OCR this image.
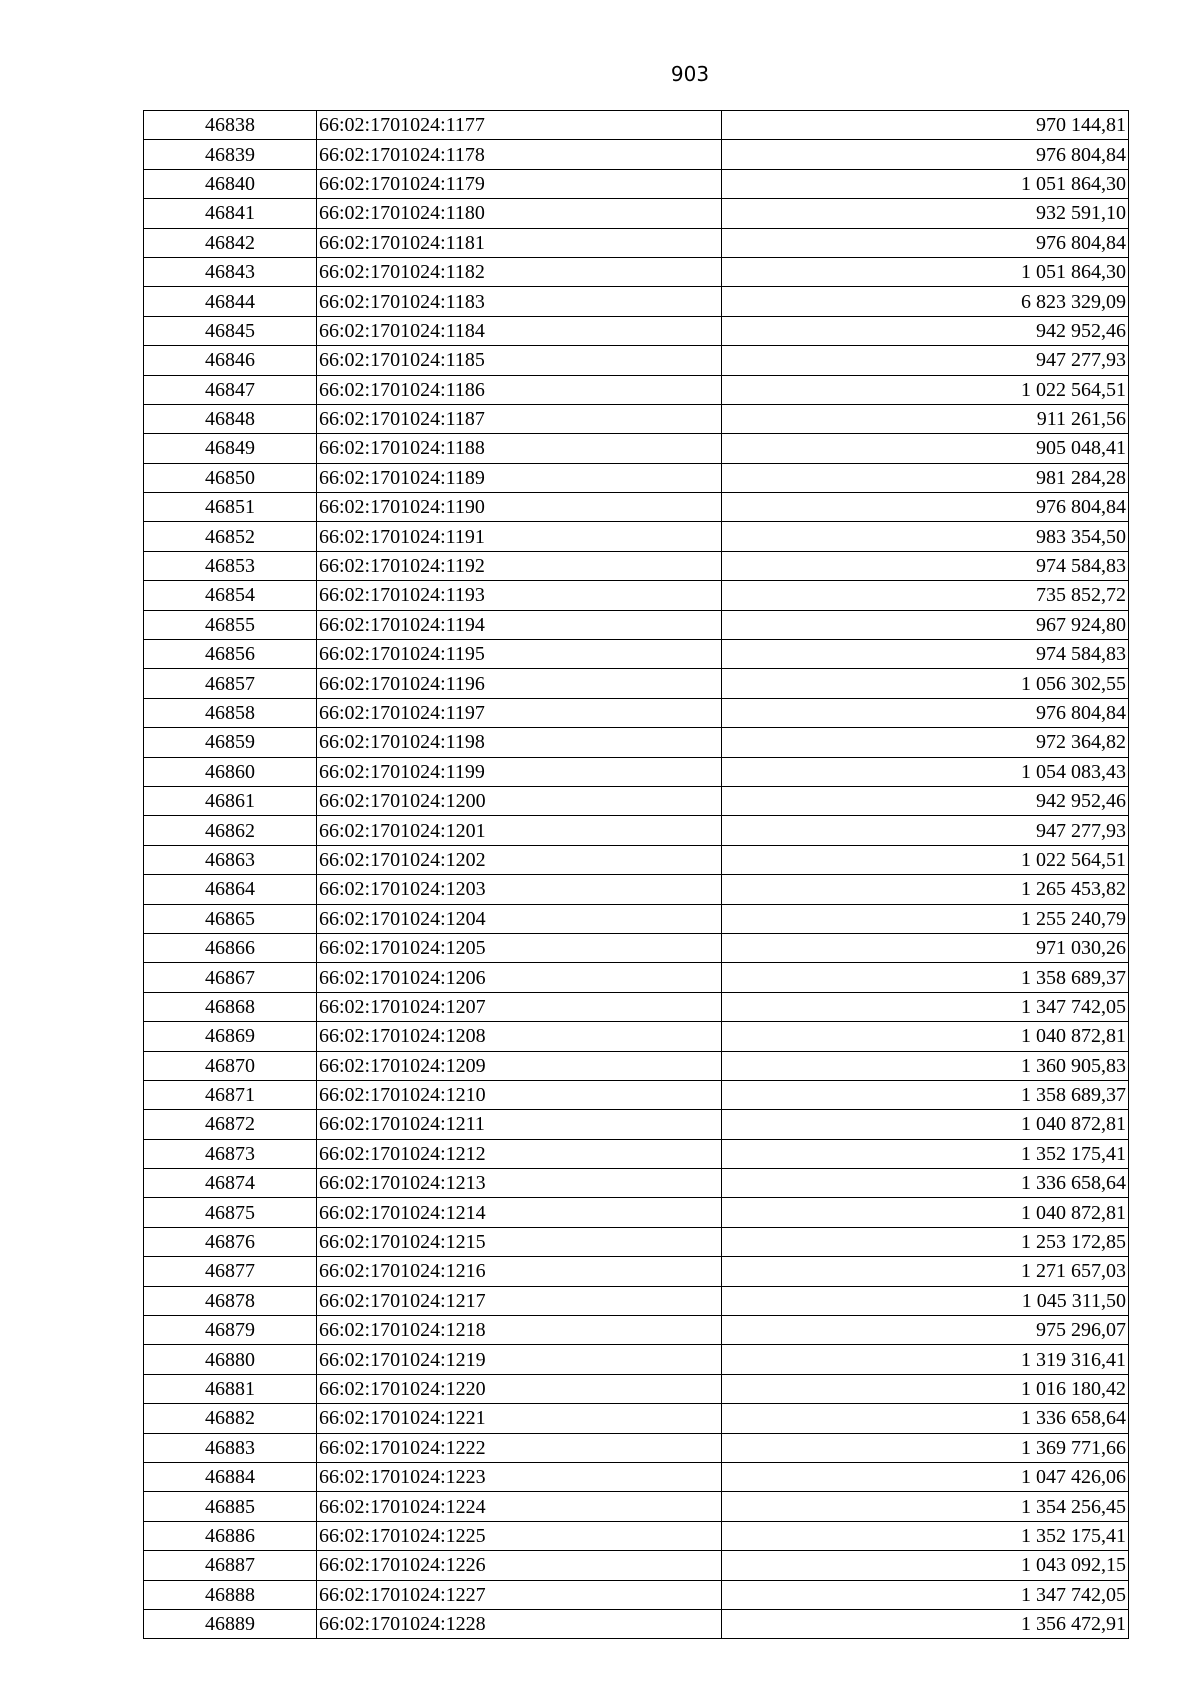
903
46838	66:02:1701024:1177	970 144,81
46839	66:02:1701024:1178	976 804,84
46840	66:02:1701024:1179	1 051 864,30
46841	66:02:1701024:1180	932 591,10
46842	66:02:1701024:1181	976 804,84
46843	66:02:1701024:1182	1 051 864,30
46844	66:02:1701024:1183	6 823 329,09
46845	66:02:1701024:1184	942 952,46
46846	66:02:1701024:1185	947 277,93
46847	66:02:1701024:1186	1 022 564,51
46848	66:02:1701024:1187	911 261,56
46849	66:02:1701024:1188	905 048,41
46850	66:02:1701024:1189	981 284,28
46851	66:02:1701024:1190	976 804,84
46852	66:02:1701024:1191	983 354,50
46853	66:02:1701024:1192	974 584,83
46854	66:02:1701024:1193	735 852,72
46855	66:02:1701024:1194	967 924,80
46856	66:02:1701024:1195	974 584,83
46857	66:02:1701024:1196	1 056 302,55
46858	66:02:1701024:1197	976 804,84
46859	66:02:1701024:1198	972 364,82
46860	66:02:1701024:1199	1 054 083,43
46861	66:02:1701024:1200	942 952,46
46862	66:02:1701024:1201	947 277,93
46863	66:02:1701024:1202	1 022 564,51
46864	66:02:1701024:1203	1 265 453,82
46865	66:02:1701024:1204	1 255 240,79
46866	66:02:1701024:1205	971 030,26
46867	66:02:1701024:1206	1 358 689,37
46868	66:02:1701024:1207	1 347 742,05
46869	66:02:1701024:1208	1 040 872,81
46870	66:02:1701024:1209	1 360 905,83
46871	66:02:1701024:1210	1 358 689,37
46872	66:02:1701024:1211	1 040 872,81
46873	66:02:1701024:1212	1 352 175,41
46874	66:02:1701024:1213	1 336 658,64
46875	66:02:1701024:1214	1 040 872,81
46876	66:02:1701024:1215	1 253 172,85
46877	66:02:1701024:1216	1 271 657,03
46878	66:02:1701024:1217	1 045 311,50
46879	66:02:1701024:1218	975 296,07
46880	66:02:1701024:1219	1 319 316,41
46881	66:02:1701024:1220	1 016 180,42
46882	66:02:1701024:1221	1 336 658,64
46883	66:02:1701024:1222	1 369 771,66
46884	66:02:1701024:1223	1 047 426,06
46885	66:02:1701024:1224	1 354 256,45
46886	66:02:1701024:1225	1 352 175,41
46887	66:02:1701024:1226	1 043 092,15
46888	66:02:1701024:1227	1 347 742,05
46889	66:02:1701024:1228	1 356 472,91
